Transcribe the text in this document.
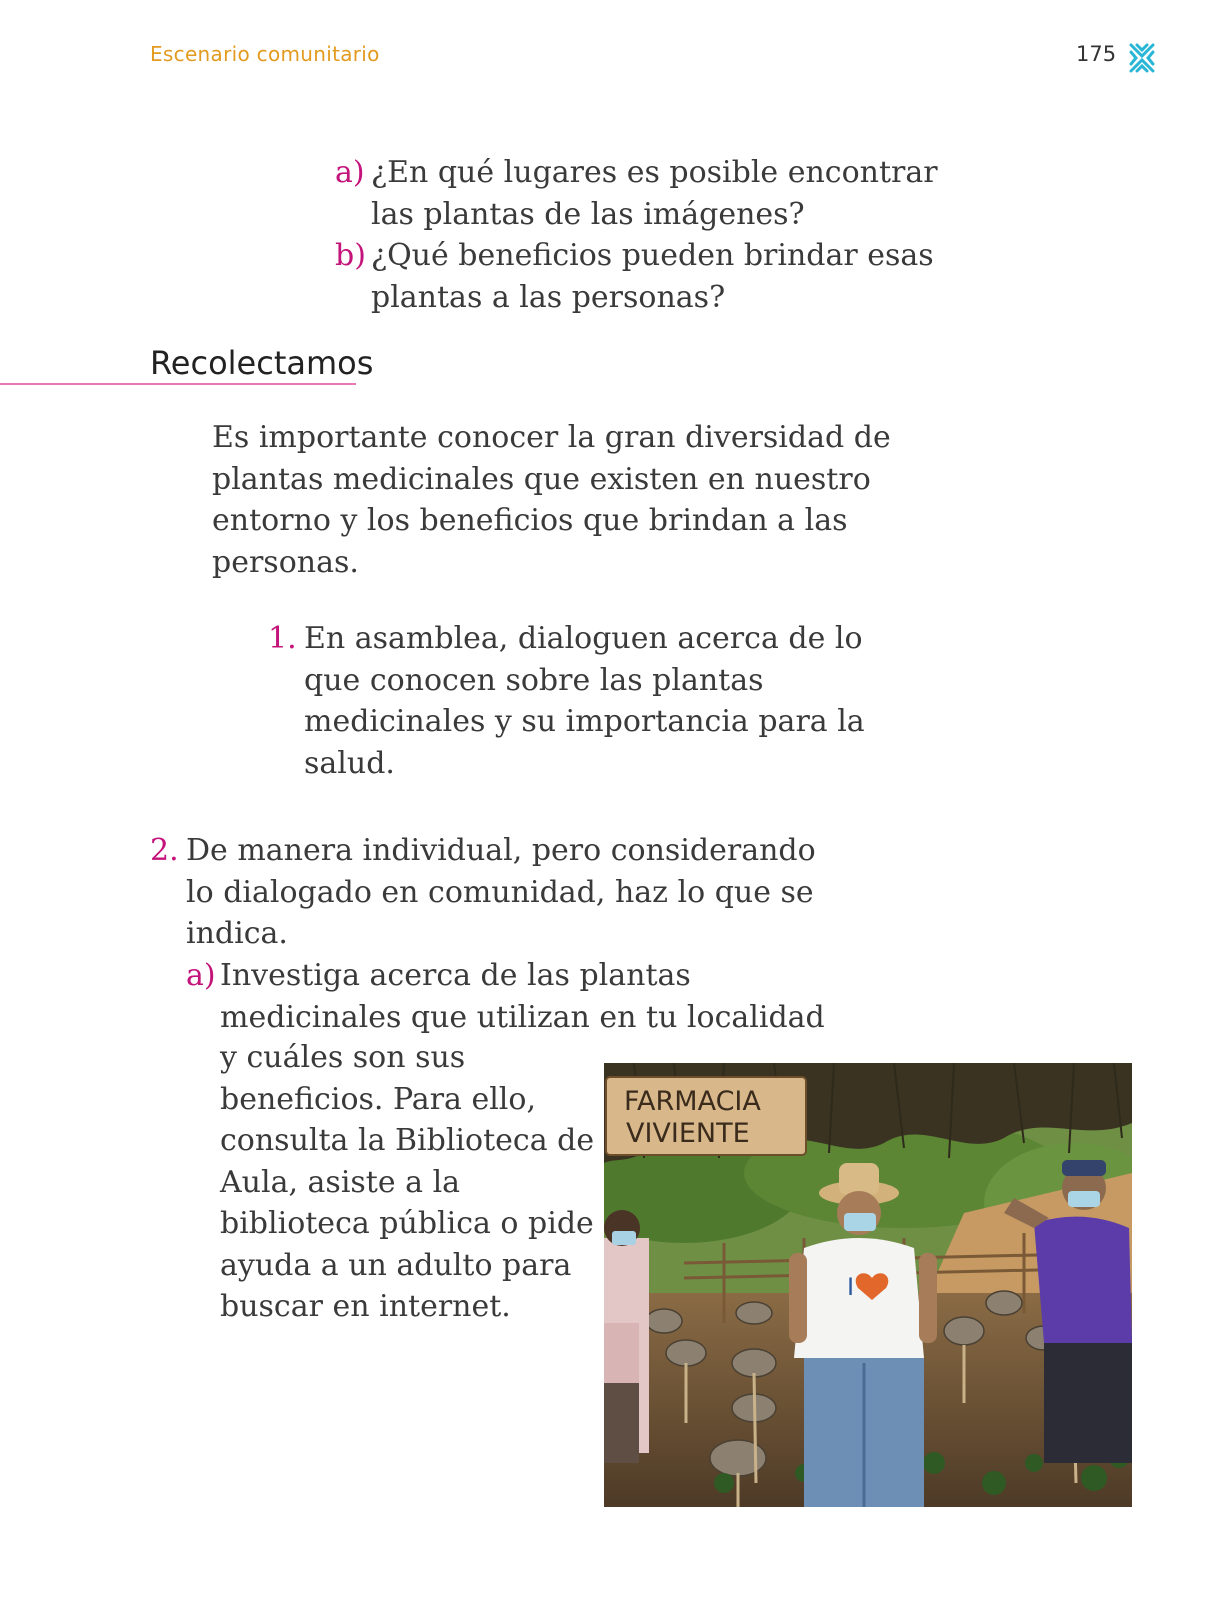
Escenario comunitario	175
a) ¿En qué lugares es posible encontrar las plantas de las imágenes?
b) ¿Qué beneficios pueden brindar esas plantas a las personas?
Recolectamos
Es importante conocer la gran diversidad de plantas medicinales que existen en nuestro entorno y los beneficios que brindan a las personas.
1. En asamblea, dialoguen acerca de lo que conocen sobre las plantas medicinales y su importancia para la salud.
2. De manera individual, pero considerando lo dialogado en comunidad, haz lo que se indica.
a) Investiga acerca de las plantas
medicinales que utilizan en tu localidad
y cuáles son sus beneficios. Para ello, consulta la Biblioteca de Aula, asiste a la biblioteca pública o pide ayuda a un adulto para buscar en internet.
FARMACIA
VIVIENTE
I
